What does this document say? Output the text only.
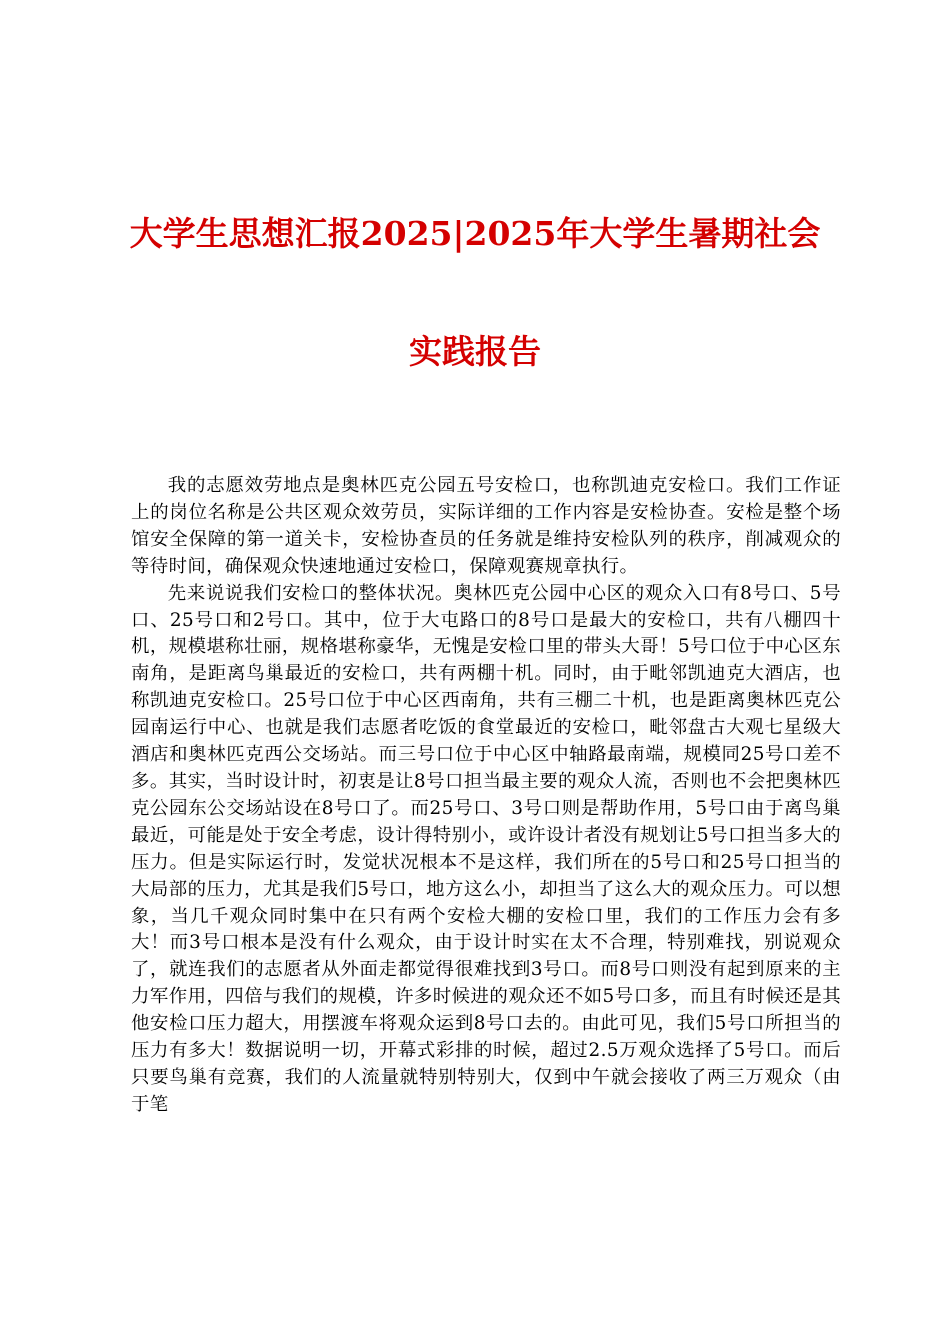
大学生思想汇报2025|2025年大学生暑期社会
实践报告

我的志愿效劳地点是奥林匹克公园五号安检口，也称凯迪克安检口。我们工作证上的岗位名称是公共区观众效劳员，实际详细的工作内容是安检协查。安检是整个场馆安全保障的第一道关卡，安检协查员的任务就是维持安检队列的秩序，削减观众的等待时间，确保观众快速地通过安检口，保障观赛规章执行。

先来说说我们安检口的整体状况。奥林匹克公园中心区的观众入口有8号口、5号口、25号口和2号口。其中，位于大屯路口的8号口是最大的安检口，共有八棚四十机，规模堪称壮丽，规格堪称豪华，无愧是安检口里的带头大哥！5号口位于中心区东南角，是距离鸟巢最近的安检口，共有两棚十机。同时，由于毗邻凯迪克大酒店，也称凯迪克安检口。25号口位于中心区西南角，共有三棚二十机，也是距离奥林匹克公园南运行中心、也就是我们志愿者吃饭的食堂最近的安检口，毗邻盘古大观七星级大酒店和奥林匹克西公交场站。而三号口位于中心区中轴路最南端，规模同25号口差不多。其实，当时设计时，初衷是让8号口担当最主要的观众人流，否则也不会把奥林匹克公园东公交场站设在8号口了。而25号口、3号口则是帮助作用，5号口由于离鸟巢最近，可能是处于安全考虑，设计得特别小，或许设计者没有规划让5号口担当多大的压力。但是实际运行时，发觉状况根本不是这样，我们所在的5号口和25号口担当的大局部的压力，尤其是我们5号口，地方这么小，却担当了这么大的观众压力。可以想象，当几千观众同时集中在只有两个安检大棚的安检口里，我们的工作压力会有多大！而3号口根本是没有什么观众，由于设计时实在太不合理，特别难找，别说观众了，就连我们的志愿者从外面走都觉得很难找到3号口。而8号口则没有起到原来的主力军作用，四倍与我们的规模，许多时候进的观众还不如5号口多，而且有时候还是其他安检口压力超大，用摆渡车将观众运到8号口去的。由此可见，我们5号口所担当的压力有多大！数据说明一切，开幕式彩排的时候，超过2.5万观众选择了5号口。而后只要鸟巢有竞赛，我们的人流量就特别特别大，仅到中午就会接收了两三万观众（由于笔
